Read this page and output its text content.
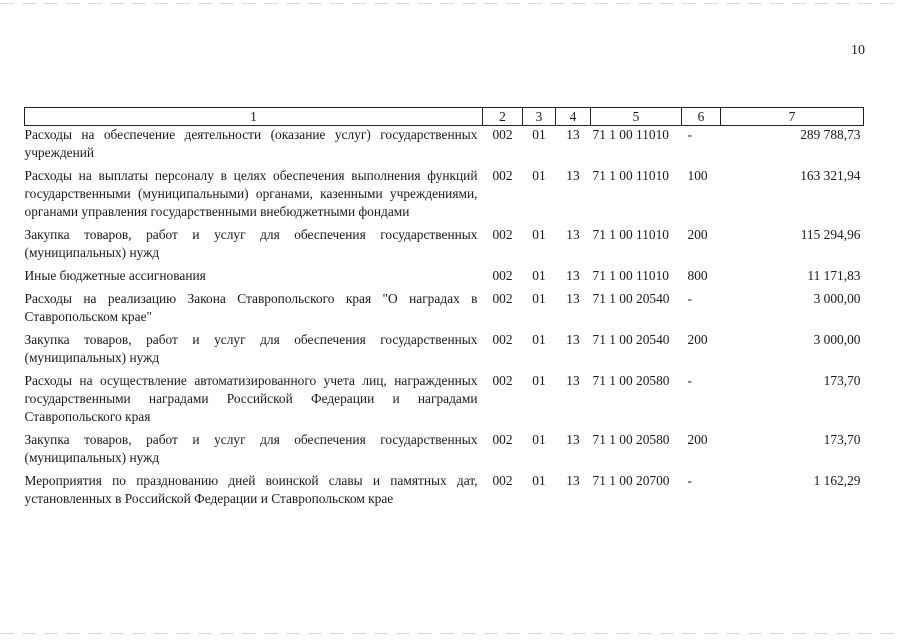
10
1	2	3	4	5	6	7
Расходы на обеспечение деятельности (оказание услуг) государственных учреждений	002	01	13	71 1 00 11010	-	289 788,73
Расходы на выплаты персоналу в целях обеспечения выполнения функций государственными (муниципальными) органами, казенными учреждениями, органами управления государственными внебюджетными фондами	002	01	13	71 1 00 11010	100	163 321,94
Закупка товаров, работ и услуг для обеспечения государственных (муниципальных) нужд	002	01	13	71 1 00 11010	200	115 294,96
Иные бюджетные ассигнования	002	01	13	71 1 00 11010	800	11 171,83
Расходы на реализацию Закона Ставропольского края "О наградах в Ставропольском крае"	002	01	13	71 1 00 20540	-	3 000,00
Закупка товаров, работ и услуг для обеспечения государственных (муниципальных) нужд	002	01	13	71 1 00 20540	200	3 000,00
Расходы на осуществление автоматизированного учета лиц, награжденных государственными наградами Российской Федерации и наградами Ставропольского края	002	01	13	71 1 00 20580	-	173,70
Закупка товаров, работ и услуг для обеспечения государственных (муниципальных) нужд	002	01	13	71 1 00 20580	200	173,70
Мероприятия по празднованию дней воинской славы и памятных дат, установленных в Российской Федерации и Ставропольском крае	002	01	13	71 1 00 20700	-	1 162,29
